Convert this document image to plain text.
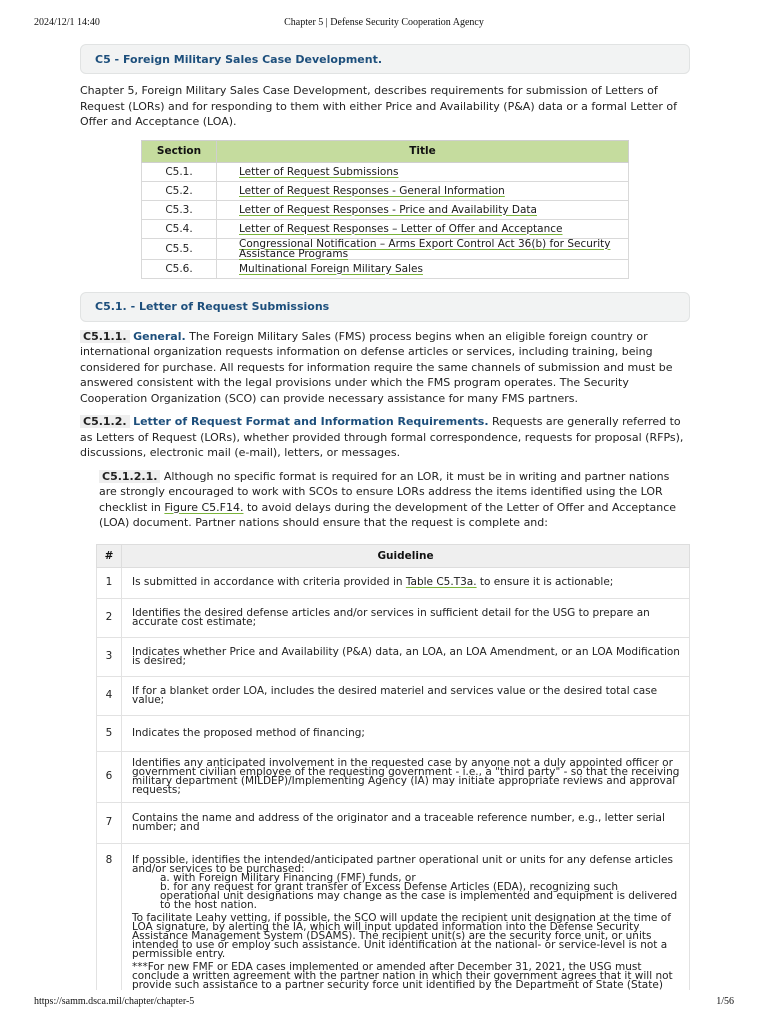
2024/12/1 14:40	Chapter 5 | Defense Security Cooperation Agency
C5 - Foreign Military Sales Case Development.

Chapter 5, Foreign Military Sales Case Development, describes requirements for submission of Letters of Request (LORs) and for responding to them with either Price and Availability (P&A) data or a formal Letter of Offer and Acceptance (LOA).

Section	Title
C5.1.	Letter of Request Submissions
C5.2.	Letter of Request Responses - General Information
C5.3.	Letter of Request Responses - Price and Availability Data
C5.4.	Letter of Request Responses – Letter of Offer and Acceptance
C5.5.	Congressional Notification – Arms Export Control Act 36(b) for Security Assistance Programs
C5.6.	Multinational Foreign Military Sales
C5.1. - Letter of Request Submissions

C5.1.1. General. The Foreign Military Sales (FMS) process begins when an eligible foreign country or international organization requests information on defense articles or services, including training, being considered for purchase. All requests for information require the same channels of submission and must be answered consistent with the legal provisions under which the FMS program operates. The Security Cooperation Organization (SCO) can provide necessary assistance for many FMS partners.

C5.1.2. Letter of Request Format and Information Requirements. Requests are generally referred to as Letters of Request (LORs), whether provided through formal correspondence, requests for proposal (RFPs), discussions, electronic mail (e-mail), letters, or messages.

C5.1.2.1. Although no specific format is required for an LOR, it must be in writing and partner nations are strongly encouraged to work with SCOs to ensure LORs address the items identified using the LOR checklist in Figure C5.F14. to avoid delays during the development of the Letter of Offer and Acceptance (LOA) document. Partner nations should ensure that the request is complete and:

#	Guideline
1	Is submitted in accordance with criteria provided in Table C5.T3a. to ensure it is actionable;
2	Identifies the desired defense articles and/or services in sufficient detail for the USG to prepare an accurate cost estimate;
3	Indicates whether Price and Availability (P&A) data, an LOA, an LOA Amendment, or an LOA Modification is desired;
4	If for a blanket order LOA, includes the desired materiel and services value or the desired total case value;
5	Indicates the proposed method of financing;
6	Identifies any anticipated involvement in the requested case by anyone not a duly appointed officer or government civilian employee of the requesting government - i.e., a "third party" - so that the receiving military department (MILDEP)/Implementing Agency (IA) may initiate appropriate reviews and approval requests;
7	Contains the name and address of the originator and a traceable reference number, e.g., letter serial number; and
8	If possible, identifies the intended/anticipated partner operational unit or units for any defense articles and/or services to be purchased:
a. with Foreign Military Financing (FMF) funds, or
b. for any request for grant transfer of Excess Defense Articles (EDA), recognizing such operational unit designations may change as the case is implemented and equipment is delivered to the host nation.
To facilitate Leahy vetting, if possible, the SCO will update the recipient unit designation at the time of LOA signature, by alerting the IA, which will input updated information into the Defense Security Assistance Management System (DSAMS). The recipient unit(s) are the security force unit, or units intended to use or employ such assistance. Unit identification at the national- or service-level is not a permissible entry.
***For new FMF or EDA cases implemented or amended after December 31, 2021, the USG must conclude a written agreement with the partner nation in which their government agrees that it will not provide such assistance to a partner security force unit identified by the Department of State (State)
https://samm.dsca.mil/chapter/chapter-5	1/56
